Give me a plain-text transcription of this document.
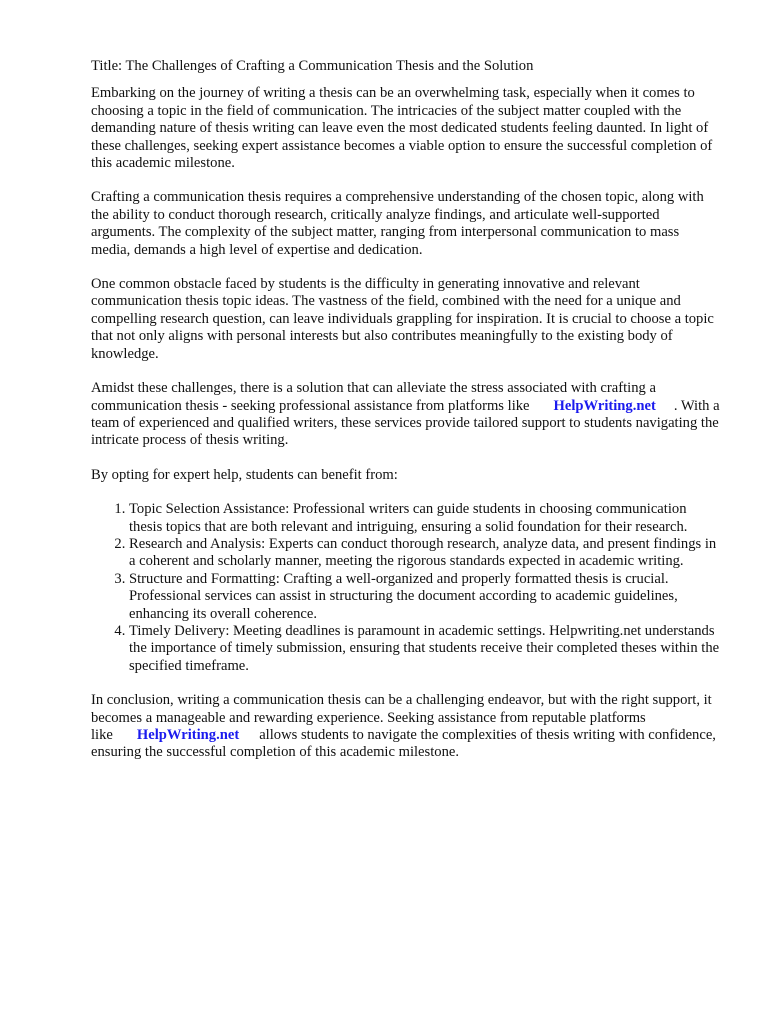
Title: The Challenges of Crafting a Communication Thesis and the Solution

Embarking on the journey of writing a thesis can be an overwhelming task, especially when it comes to choosing a topic in the field of communication. The intricacies of the subject matter coupled with the demanding nature of thesis writing can leave even the most dedicated students feeling daunted. In light of these challenges, seeking expert assistance becomes a viable option to ensure the successful completion of this academic milestone.

Crafting a communication thesis requires a comprehensive understanding of the chosen topic, along with the ability to conduct thorough research, critically analyze findings, and articulate well-supported arguments. The complexity of the subject matter, ranging from interpersonal communication to mass media, demands a high level of expertise and dedication.

One common obstacle faced by students is the difficulty in generating innovative and relevant communication thesis topic ideas. The vastness of the field, combined with the need for a unique and compelling research question, can leave individuals grappling for inspiration. It is crucial to choose a topic that not only aligns with personal interests but also contributes meaningfully to the existing body of knowledge.

Amidst these challenges, there is a solution that can alleviate the stress associated with crafting a communication thesis - seeking professional assistance from platforms like HelpWriting.net . With a team of experienced and qualified writers, these services provide tailored support to students navigating the intricate process of thesis writing.

By opting for expert help, students can benefit from:

1. Topic Selection Assistance: Professional writers can guide students in choosing communication thesis topics that are both relevant and intriguing, ensuring a solid foundation for their research.
2. Research and Analysis: Experts can conduct thorough research, analyze data, and present findings in a coherent and scholarly manner, meeting the rigorous standards expected in academic writing.
3. Structure and Formatting: Crafting a well-organized and properly formatted thesis is crucial. Professional services can assist in structuring the document according to academic guidelines, enhancing its overall coherence.
4. Timely Delivery: Meeting deadlines is paramount in academic settings. Helpwriting.net understands the importance of timely submission, ensuring that students receive their completed theses within the specified timeframe.

In conclusion, writing a communication thesis can be a challenging endeavor, but with the right support, it becomes a manageable and rewarding experience. Seeking assistance from reputable platforms like HelpWriting.net allows students to navigate the complexities of thesis writing with confidence, ensuring the successful completion of this academic milestone.
